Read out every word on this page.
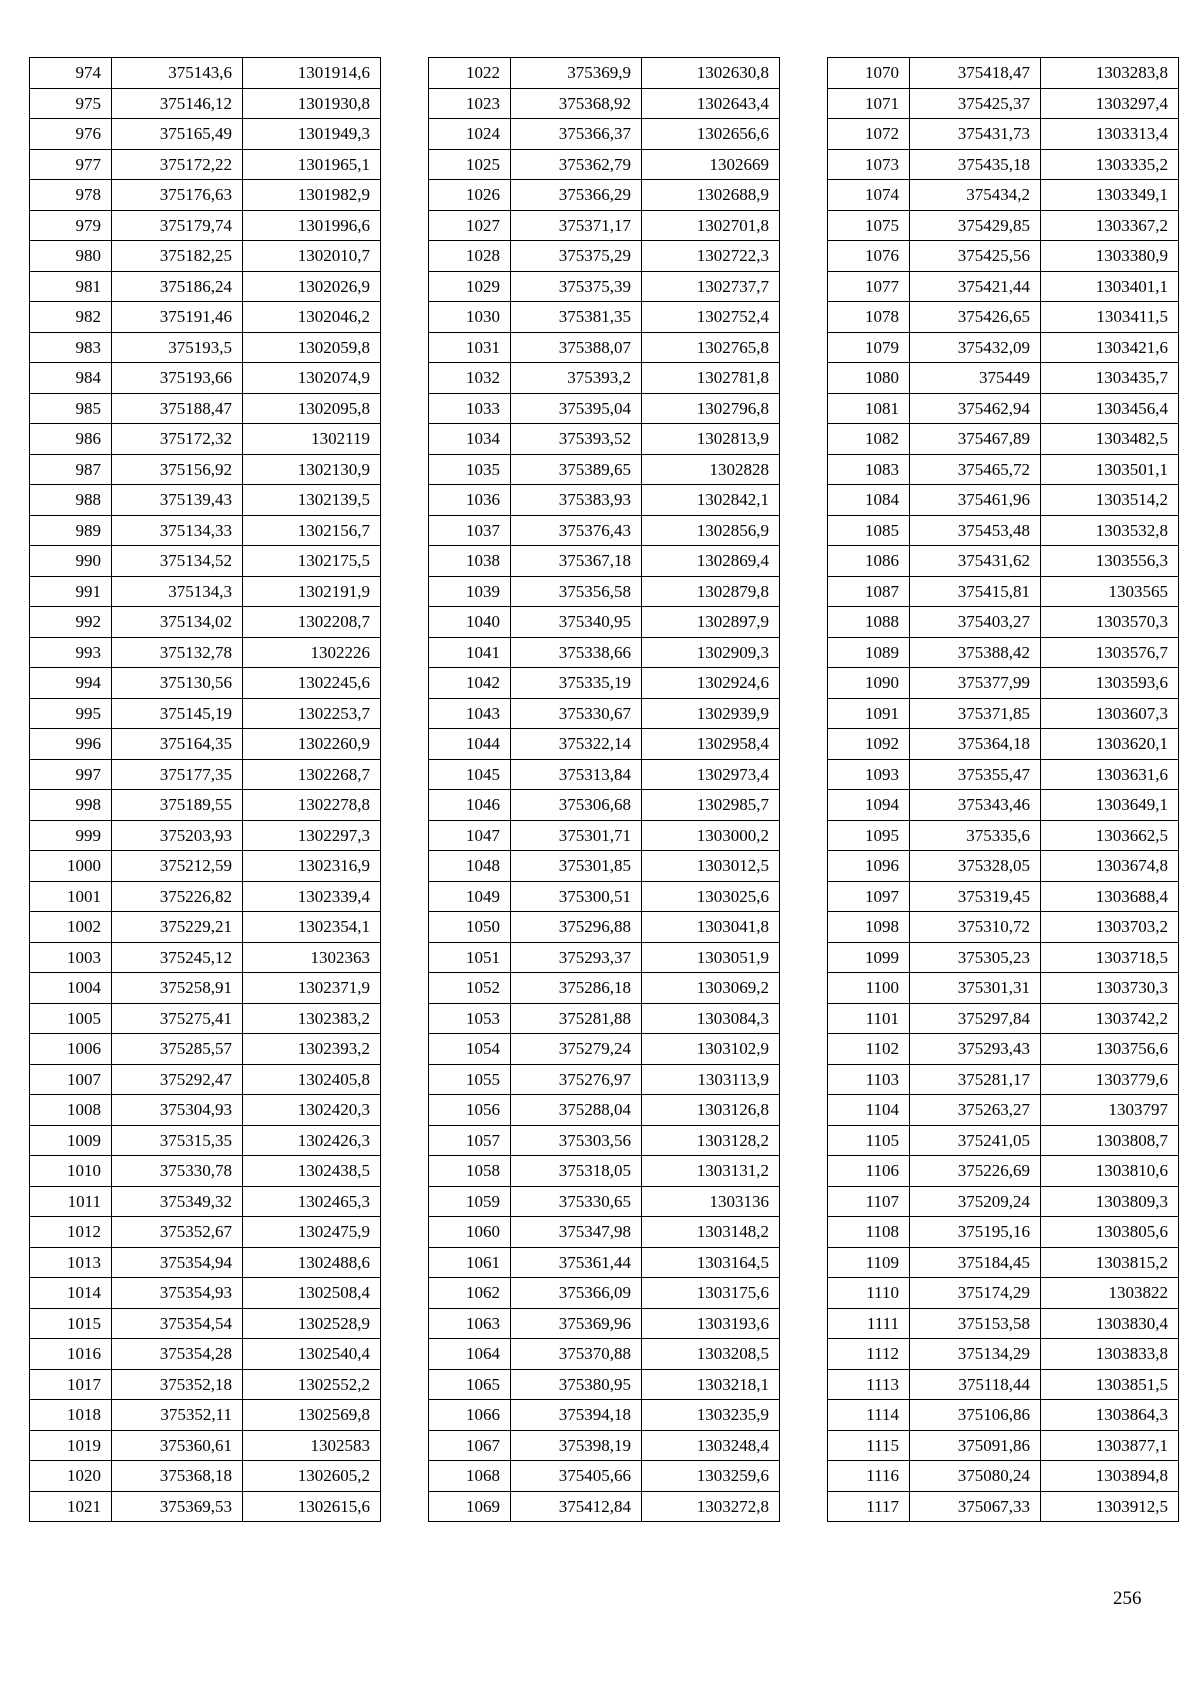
974	375143,6	1301914,6
975	375146,12	1301930,8
976	375165,49	1301949,3
977	375172,22	1301965,1
978	375176,63	1301982,9
979	375179,74	1301996,6
980	375182,25	1302010,7
981	375186,24	1302026,9
982	375191,46	1302046,2
983	375193,5	1302059,8
984	375193,66	1302074,9
985	375188,47	1302095,8
986	375172,32	1302119
987	375156,92	1302130,9
988	375139,43	1302139,5
989	375134,33	1302156,7
990	375134,52	1302175,5
991	375134,3	1302191,9
992	375134,02	1302208,7
993	375132,78	1302226
994	375130,56	1302245,6
995	375145,19	1302253,7
996	375164,35	1302260,9
997	375177,35	1302268,7
998	375189,55	1302278,8
999	375203,93	1302297,3
1000	375212,59	1302316,9
1001	375226,82	1302339,4
1002	375229,21	1302354,1
1003	375245,12	1302363
1004	375258,91	1302371,9
1005	375275,41	1302383,2
1006	375285,57	1302393,2
1007	375292,47	1302405,8
1008	375304,93	1302420,3
1009	375315,35	1302426,3
1010	375330,78	1302438,5
1011	375349,32	1302465,3
1012	375352,67	1302475,9
1013	375354,94	1302488,6
1014	375354,93	1302508,4
1015	375354,54	1302528,9
1016	375354,28	1302540,4
1017	375352,18	1302552,2
1018	375352,11	1302569,8
1019	375360,61	1302583
1020	375368,18	1302605,2
1021	375369,53	1302615,6
1022	375369,9	1302630,8
1023	375368,92	1302643,4
1024	375366,37	1302656,6
1025	375362,79	1302669
1026	375366,29	1302688,9
1027	375371,17	1302701,8
1028	375375,29	1302722,3
1029	375375,39	1302737,7
1030	375381,35	1302752,4
1031	375388,07	1302765,8
1032	375393,2	1302781,8
1033	375395,04	1302796,8
1034	375393,52	1302813,9
1035	375389,65	1302828
1036	375383,93	1302842,1
1037	375376,43	1302856,9
1038	375367,18	1302869,4
1039	375356,58	1302879,8
1040	375340,95	1302897,9
1041	375338,66	1302909,3
1042	375335,19	1302924,6
1043	375330,67	1302939,9
1044	375322,14	1302958,4
1045	375313,84	1302973,4
1046	375306,68	1302985,7
1047	375301,71	1303000,2
1048	375301,85	1303012,5
1049	375300,51	1303025,6
1050	375296,88	1303041,8
1051	375293,37	1303051,9
1052	375286,18	1303069,2
1053	375281,88	1303084,3
1054	375279,24	1303102,9
1055	375276,97	1303113,9
1056	375288,04	1303126,8
1057	375303,56	1303128,2
1058	375318,05	1303131,2
1059	375330,65	1303136
1060	375347,98	1303148,2
1061	375361,44	1303164,5
1062	375366,09	1303175,6
1063	375369,96	1303193,6
1064	375370,88	1303208,5
1065	375380,95	1303218,1
1066	375394,18	1303235,9
1067	375398,19	1303248,4
1068	375405,66	1303259,6
1069	375412,84	1303272,8
1070	375418,47	1303283,8
1071	375425,37	1303297,4
1072	375431,73	1303313,4
1073	375435,18	1303335,2
1074	375434,2	1303349,1
1075	375429,85	1303367,2
1076	375425,56	1303380,9
1077	375421,44	1303401,1
1078	375426,65	1303411,5
1079	375432,09	1303421,6
1080	375449	1303435,7
1081	375462,94	1303456,4
1082	375467,89	1303482,5
1083	375465,72	1303501,1
1084	375461,96	1303514,2
1085	375453,48	1303532,8
1086	375431,62	1303556,3
1087	375415,81	1303565
1088	375403,27	1303570,3
1089	375388,42	1303576,7
1090	375377,99	1303593,6
1091	375371,85	1303607,3
1092	375364,18	1303620,1
1093	375355,47	1303631,6
1094	375343,46	1303649,1
1095	375335,6	1303662,5
1096	375328,05	1303674,8
1097	375319,45	1303688,4
1098	375310,72	1303703,2
1099	375305,23	1303718,5
1100	375301,31	1303730,3
1101	375297,84	1303742,2
1102	375293,43	1303756,6
1103	375281,17	1303779,6
1104	375263,27	1303797
1105	375241,05	1303808,7
1106	375226,69	1303810,6
1107	375209,24	1303809,3
1108	375195,16	1303805,6
1109	375184,45	1303815,2
1110	375174,29	1303822
1111	375153,58	1303830,4
1112	375134,29	1303833,8
1113	375118,44	1303851,5
1114	375106,86	1303864,3
1115	375091,86	1303877,1
1116	375080,24	1303894,8
1117	375067,33	1303912,5
256
